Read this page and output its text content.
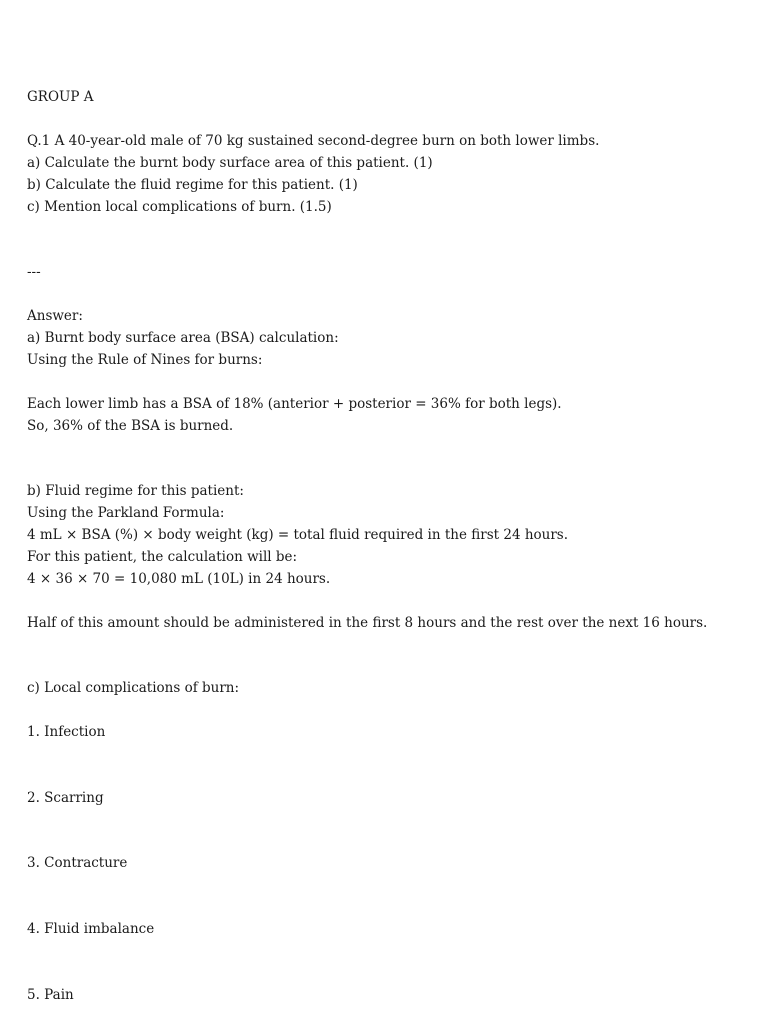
GROUP A
Q.1 A 40-year-old male of 70 kg sustained second-degree burn on both lower limbs.
a) Calculate the burnt body surface area of this patient. (1)
b) Calculate the fluid regime for this patient. (1)
c) Mention local complications of burn. (1.5)
---
Answer:
a) Burnt body surface area (BSA) calculation:
Using the Rule of Nines for burns:
Each lower limb has a BSA of 18% (anterior + posterior = 36% for both legs).
So, 36% of the BSA is burned.
b) Fluid regime for this patient:
Using the Parkland Formula:
4 mL × BSA (%) × body weight (kg) = total fluid required in the first 24 hours.
For this patient, the calculation will be:
4 × 36 × 70 = 10,080 mL (10L) in 24 hours.
Half of this amount should be administered in the first 8 hours and the rest over the next 16 hours.
c) Local complications of burn:
1. Infection
2. Scarring
3. Contracture
4. Fluid imbalance
5. Pain
